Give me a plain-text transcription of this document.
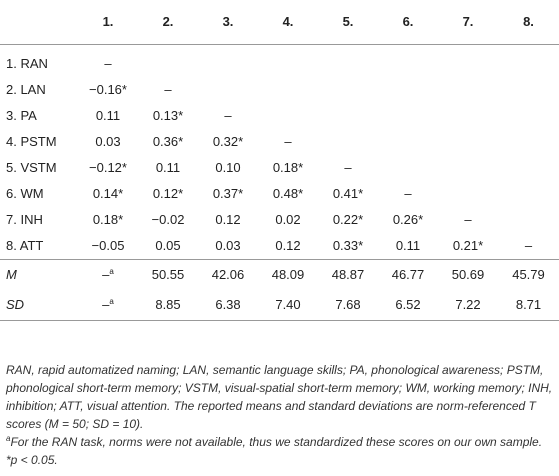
	1.	2.	3.	4.	5.	6.	7.	8.
1. RAN	–							
2. LAN	−0.16*	–						
3. PA	0.11	0.13*	–					
4. PSTM	0.03	0.36*	0.32*	–				
5. VSTM	−0.12*	0.11	0.10	0.18*	–			
6. WM	0.14*	0.12*	0.37*	0.48*	0.41*	–		
7. INH	0.18*	−0.02	0.12	0.02	0.22*	0.26*	–	
8. ATT	−0.05	0.05	0.03	0.12	0.33*	0.11	0.21*	–
M	–$^a$	50.55	42.06	48.09	48.87	46.77	50.69	45.79
SD	–$^a$	8.85	6.38	7.40	7.68	6.52	7.22	8.71

RAN, rapid automatized naming; LAN, semantic language skills; PA, phonological awareness; PSTM, phonological short-term memory; VSTM, visual-spatial short-term memory; WM, working memory; INH, inhibition; ATT, visual attention. The reported means and standard deviations are norm-referenced T scores (M = 50; SD = 10).

$^a$For the RAN task, norms were not available, thus we standardized these scores on our own sample.

*p < 0.05.
